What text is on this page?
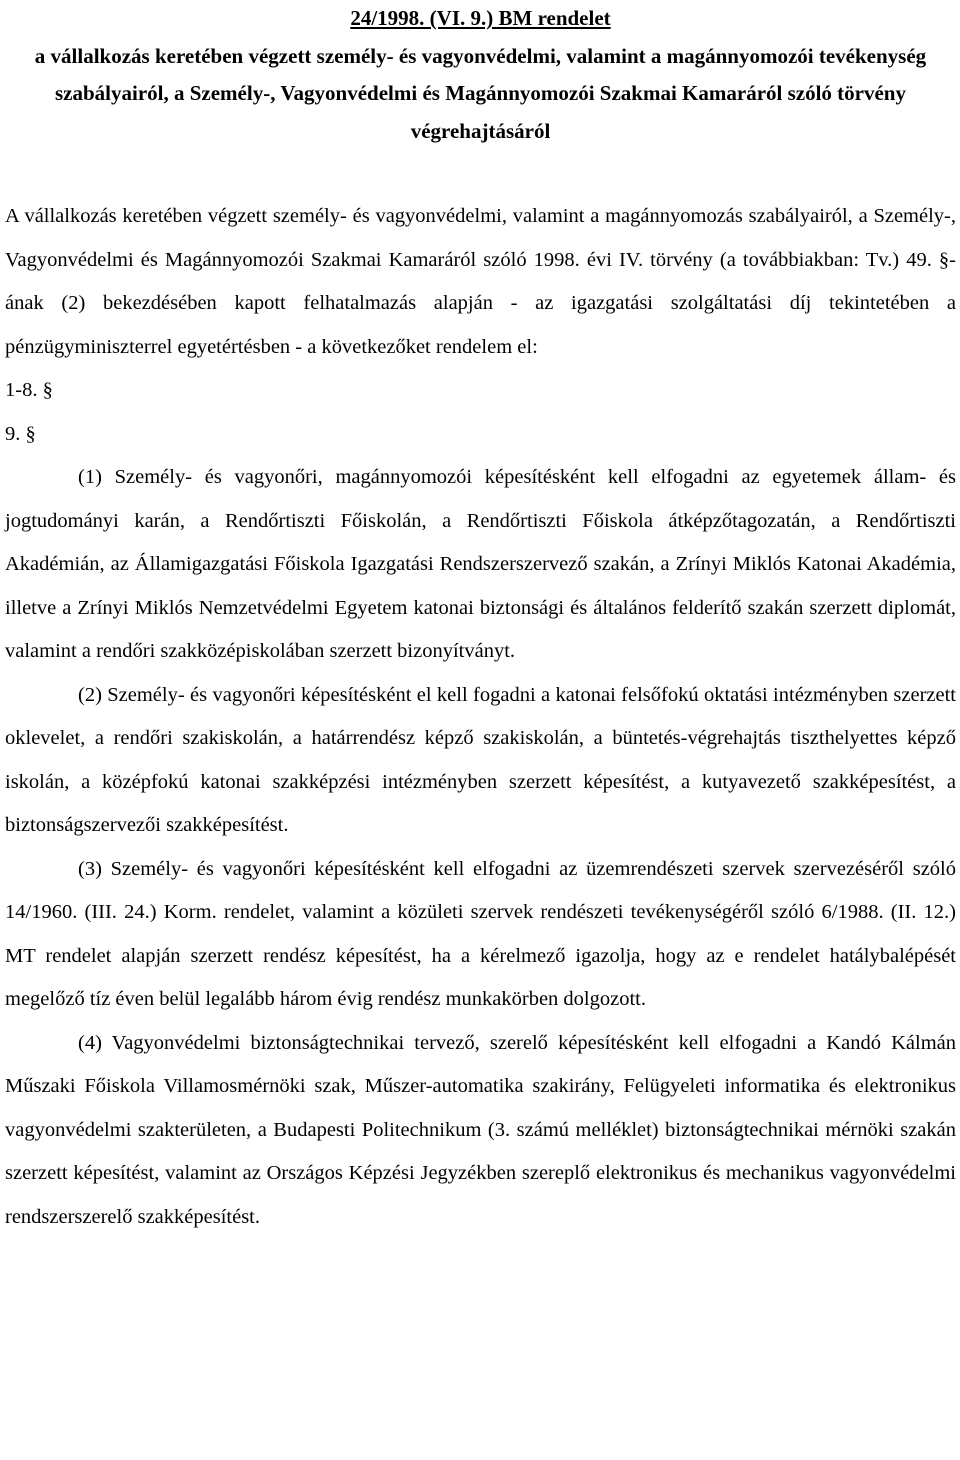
24/1998. (VI. 9.) BM rendelet
a vállalkozás keretében végzett személy- és vagyonvédelmi, valamint a magánnyomozói tevékenység szabályairól, a Személy-, Vagyonvédelmi és Magánnyomozói Szakmai Kamaráról szóló törvény végrehajtásáról

A vállalkozás keretében végzett személy- és vagyonvédelmi, valamint a magánnyomozás szabályairól, a Személy-, Vagyonvédelmi és Magánnyomozói Szakmai Kamaráról szóló 1998. évi IV. törvény (a továbbiakban: Tv.) 49. §-ának (2) bekezdésében kapott felhatalmazás alapján - az igazgatási szolgáltatási díj tekintetében a pénzügyminiszterrel egyetértésben - a következőket rendelem el:

1-8. §

9. §

(1) Személy- és vagyonőri, magánnyomozói képesítésként kell elfogadni az egyetemek állam- és jogtudományi karán, a Rendőrtiszti Főiskolán, a Rendőrtiszti Főiskola átképzőtagozatán, a Rendőrtiszti Akadémián, az Államigazgatási Főiskola Igazgatási Rendszerszervező szakán, a Zrínyi Miklós Katonai Akadémia, illetve a Zrínyi Miklós Nemzetvédelmi Egyetem katonai biztonsági és általános felderítő szakán szerzett diplomát, valamint a rendőri szakközépiskolában szerzett bizonyítványt.

(2) Személy- és vagyonőri képesítésként el kell fogadni a katonai felsőfokú oktatási intézményben szerzett oklevelet, a rendőri szakiskolán, a határrendész képző szakiskolán, a büntetés-végrehajtás tiszthelyettes képző iskolán, a középfokú katonai szakképzési intézményben szerzett képesítést, a kutyavezető szakképesítést, a biztonságszervezői szakképesítést.

(3) Személy- és vagyonőri képesítésként kell elfogadni az üzemrendészeti szervek szervezéséről szóló 14/1960. (III. 24.) Korm. rendelet, valamint a közületi szervek rendészeti tevékenységéről szóló 6/1988. (II. 12.) MT rendelet alapján szerzett rendész képesítést, ha a kérelmező igazolja, hogy az e rendelet hatálybalépését megelőző tíz éven belül legalább három évig rendész munkakörben dolgozott.

(4) Vagyonvédelmi biztonságtechnikai tervező, szerelő képesítésként kell elfogadni a Kandó Kálmán Műszaki Főiskola Villamosmérnöki szak, Műszer-automatika szakirány, Felügyeleti informatika és elektronikus vagyonvédelmi szakterületen, a Budapesti Politechnikum (3. számú melléklet) biztonságtechnikai mérnöki szakán szerzett képesítést, valamint az Országos Képzési Jegyzékben szereplő elektronikus és mechanikus vagyonvédelmi rendszerszerelő szakképesítést.
